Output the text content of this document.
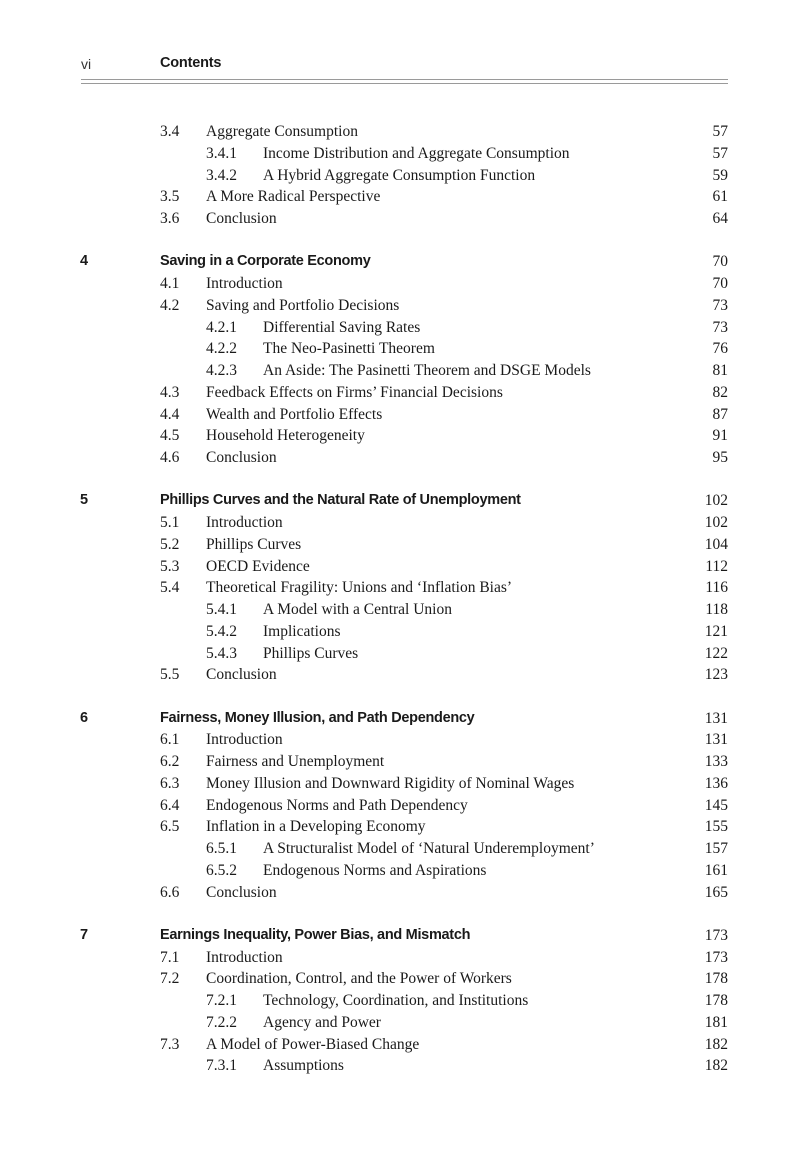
vi	Contents
3.4 Aggregate Consumption	57
3.4.1 Income Distribution and Aggregate Consumption	57
3.4.2 A Hybrid Aggregate Consumption Function	59
3.5 A More Radical Perspective	61
3.6 Conclusion	64
4	Saving in a Corporate Economy	70
4.1 Introduction	70
4.2 Saving and Portfolio Decisions	73
4.2.1 Differential Saving Rates	73
4.2.2 The Neo-Pasinetti Theorem	76
4.2.3 An Aside: The Pasinetti Theorem and DSGE Models	81
4.3 Feedback Effects on Firms’ Financial Decisions	82
4.4 Wealth and Portfolio Effects	87
4.5 Household Heterogeneity	91
4.6 Conclusion	95
5	Phillips Curves and the Natural Rate of Unemployment	102
5.1 Introduction	102
5.2 Phillips Curves	104
5.3 OECD Evidence	112
5.4 Theoretical Fragility: Unions and ‘Inflation Bias’	116
5.4.1 A Model with a Central Union	118
5.4.2 Implications	121
5.4.3 Phillips Curves	122
5.5 Conclusion	123
6	Fairness, Money Illusion, and Path Dependency	131
6.1 Introduction	131
6.2 Fairness and Unemployment	133
6.3 Money Illusion and Downward Rigidity of Nominal Wages	136
6.4 Endogenous Norms and Path Dependency	145
6.5 Inflation in a Developing Economy	155
6.5.1 A Structuralist Model of ‘Natural Underemployment’	157
6.5.2 Endogenous Norms and Aspirations	161
6.6 Conclusion	165
7	Earnings Inequality, Power Bias, and Mismatch	173
7.1 Introduction	173
7.2 Coordination, Control, and the Power of Workers	178
7.2.1 Technology, Coordination, and Institutions	178
7.2.2 Agency and Power	181
7.3 A Model of Power-Biased Change	182
7.3.1 Assumptions	182
